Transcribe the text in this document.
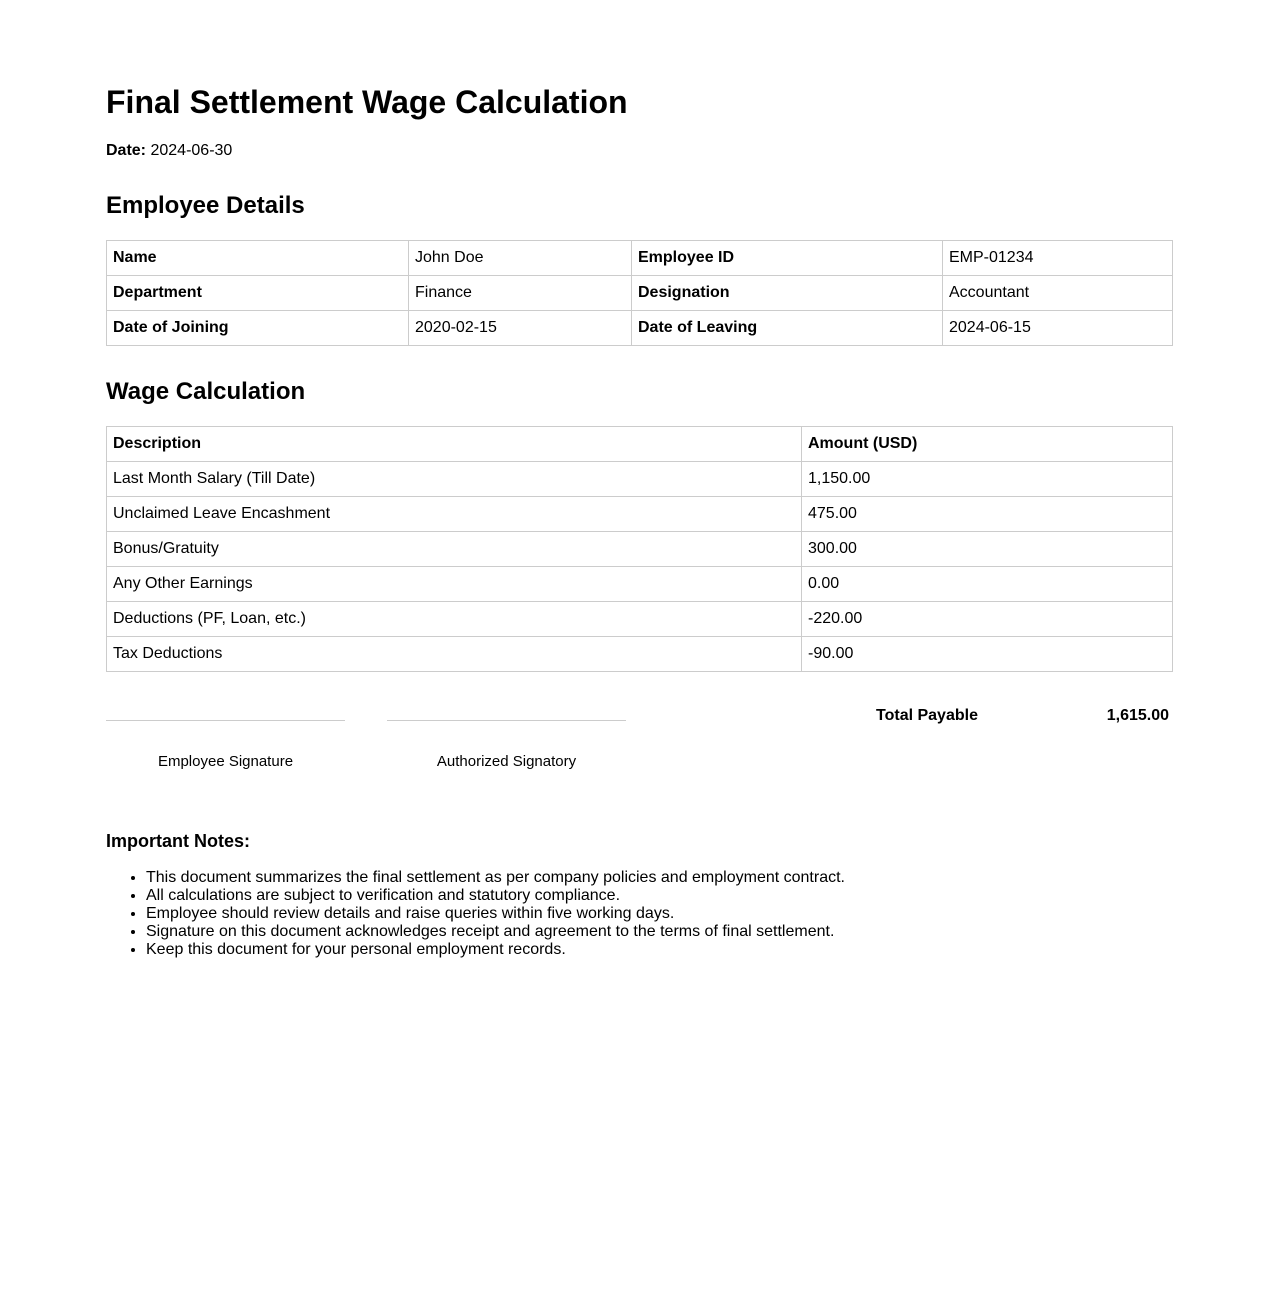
Final Settlement Wage Calculation
Date: 2024-06-30
Employee Details
Name	John Doe	Employee ID	EMP-01234
Department	Finance	Designation	Accountant
Date of Joining	2020-02-15	Date of Leaving	2024-06-15
Wage Calculation
Description	Amount (USD)
Last Month Salary (Till Date)	1,150.00
Unclaimed Leave Encashment	475.00
Bonus/Gratuity	300.00
Any Other Earnings	0.00
Deductions (PF, Loan, etc.)	-220.00
Tax Deductions	-90.00
Employee Signature	Authorized Signatory
Total Payable	1,615.00
Important Notes:
• This document summarizes the final settlement as per company policies and employment contract.
• All calculations are subject to verification and statutory compliance.
• Employee should review details and raise queries within five working days.
• Signature on this document acknowledges receipt and agreement to the terms of final settlement.
• Keep this document for your personal employment records.
